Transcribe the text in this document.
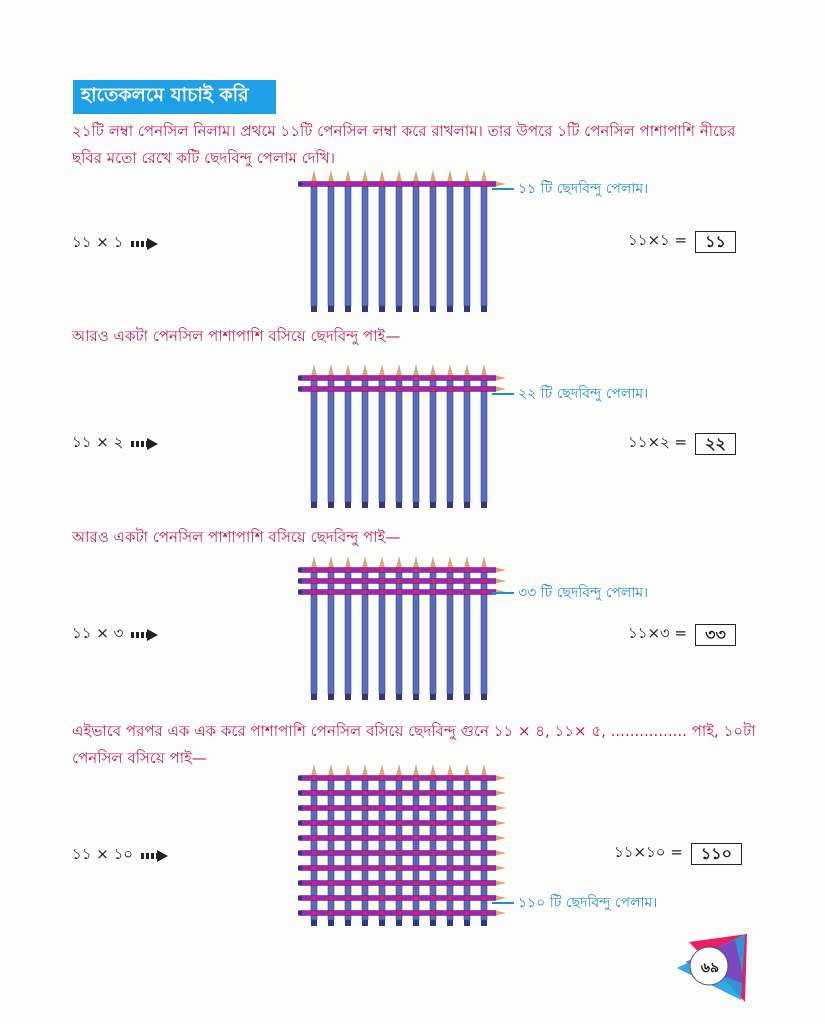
হাতেকলমে যাচাই করি
২১টি লম্বা পেনসিল নিলাম। প্রথমে ১১টি পেনসিল লম্বা করে রাখলাম। তার উপরে ১টি পেনসিল পাশাপাশি নীচের ছবির মতো রেখে কটি ছেদবিন্দু পেলাম দেখি।
১১ টি ছেদবিন্দু পেলাম।
১১ × ১	১১×১ =	১১
আরও একটা পেনসিল পাশাপাশি বসিয়ে ছেদবিন্দু পাই—
২২ টি ছেদবিন্দু পেলাম।
১১ × ২	১১×২ =	২২
আরও একটা পেনসিল পাশাপাশি বসিয়ে ছেদবিন্দু পাই—
৩৩ টি ছেদবিন্দু পেলাম।
১১ × ৩	১১×৩ =	৩৩
এইভাবে পরপর এক এক করে পাশাপাশি পেনসিল বসিয়ে ছেদবিন্দু গুনে ১১ × ৪, ১১× ৫, ................ পাই, ১০টা পেনসিল বসিয়ে পাই—
১১০ টি ছেদবিন্দু পেলাম।
১১ × ১০	১১×১০ =	১১০
৬৯
